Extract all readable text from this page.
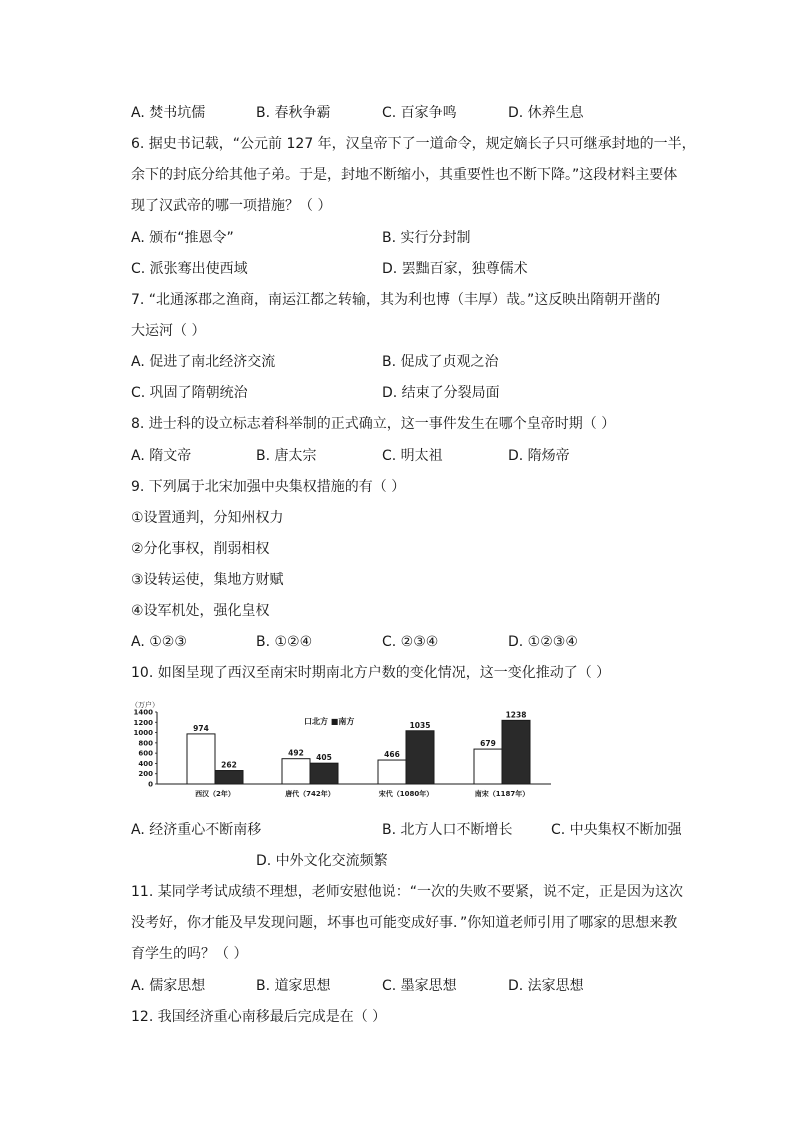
A. 焚书坑儒	B. 春秋争霸	C. 百家争鸣	D. 休养生息
6. 据史书记载，“公元前 127 年，汉皇帝下了一道命令，规定嫡长子只可继承封地的一半，
余下的封底分给其他子弟。于是，封地不断缩小，其重要性也不断下降。”这段材料主要体
现了汉武帝的哪一项措施？（ ）
A. 颁布“推恩令”	B. 实行分封制
C. 派张骞出使西域	D. 罢黜百家，独尊儒术
7. “北通涿郡之渔商，南运江都之转输，其为利也博（丰厚）哉。”这反映出隋朝开凿的
大运河（ ）
A. 促进了南北经济交流	B. 促成了贞观之治
C. 巩固了隋朝统治	D. 结束了分裂局面
8. 进士科的设立标志着科举制的正式确立，这一事件发生在哪个皇帝时期（ ）
A. 隋文帝	B. 唐太宗	C. 明太祖	D. 隋炀帝
9. 下列属于北宋加强中央集权措施的有（ ）
①设置通判，分知州权力
②分化事权，削弱相权
③设转运使，集地方财赋
④设军机处，强化皇权
A. ①②③	B. ①②④	C. ②③④	D. ①②③④
10. 如图呈现了西汉至南宋时期南北方户数的变化情况，这一变化推动了（ ）
（万户）
0
200
400
600
800
1000
1200
1400
口北方 ■南方
974
262
492 405	466
1035
679
1238
西汉（2年）	唐代（742年）	宋代（1080年）	南宋（1187年）
A. 经济重心不断南移	B. 北方人口不断增长	C. 中央集权不断加强
D. 中外文化交流频繁
11. 某同学考试成绩不理想，老师安慰他说：“一次的失败不要紧，说不定，正是因为这次
没考好，你才能及早发现问题，坏事也可能变成好事．”你知道老师引用了哪家的思想来教
育学生的吗？（ ）
A. 儒家思想	B. 道家思想	C. 墨家思想	D. 法家思想
12. 我国经济重心南移最后完成是在（ ）
